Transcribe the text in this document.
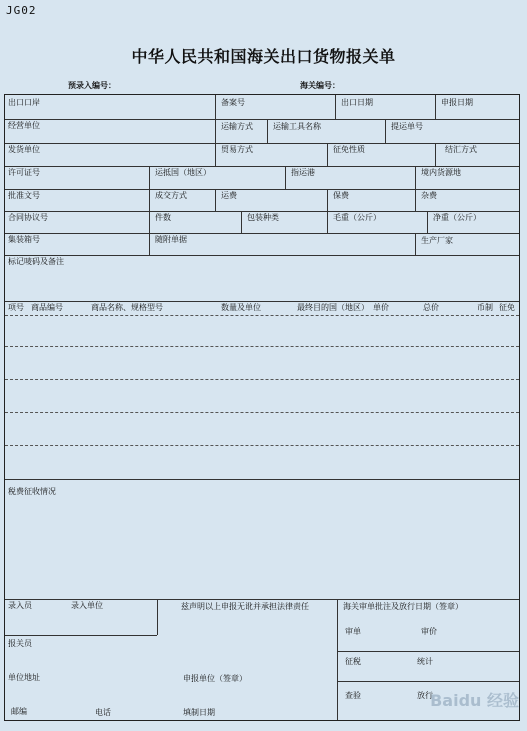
JG02
中华人民共和国海关出口货物报关单
预录入编号：	海关编号：
出口口岸	备案号	出口日期	申报日期
经营单位	运输方式	运输工具名称	提运单号
发货单位	贸易方式	征免性质	结汇方式
许可证号	运抵国（地区）	指运港	境内货源地
批准文号	成交方式	运费	保费	杂费
合同协议号	件数	包装种类	毛重（公斤）	净重（公斤）
集装箱号	随附单据	生产厂家
标记唛码及备注
项号 商品编号	商品名称、规格型号	数量及单位	最终目的国（地区） 单价	总价	币制 征免
税费征收情况
录入员	录入单位	兹声明以上申报无讹并承担法律责任	海关审单批注及放行日期（签章）
审单	审价
报关员
征税	统计
单位地址	申报单位（签章）
查验	放行
邮编	电话	填制日期
Baidu 经验
